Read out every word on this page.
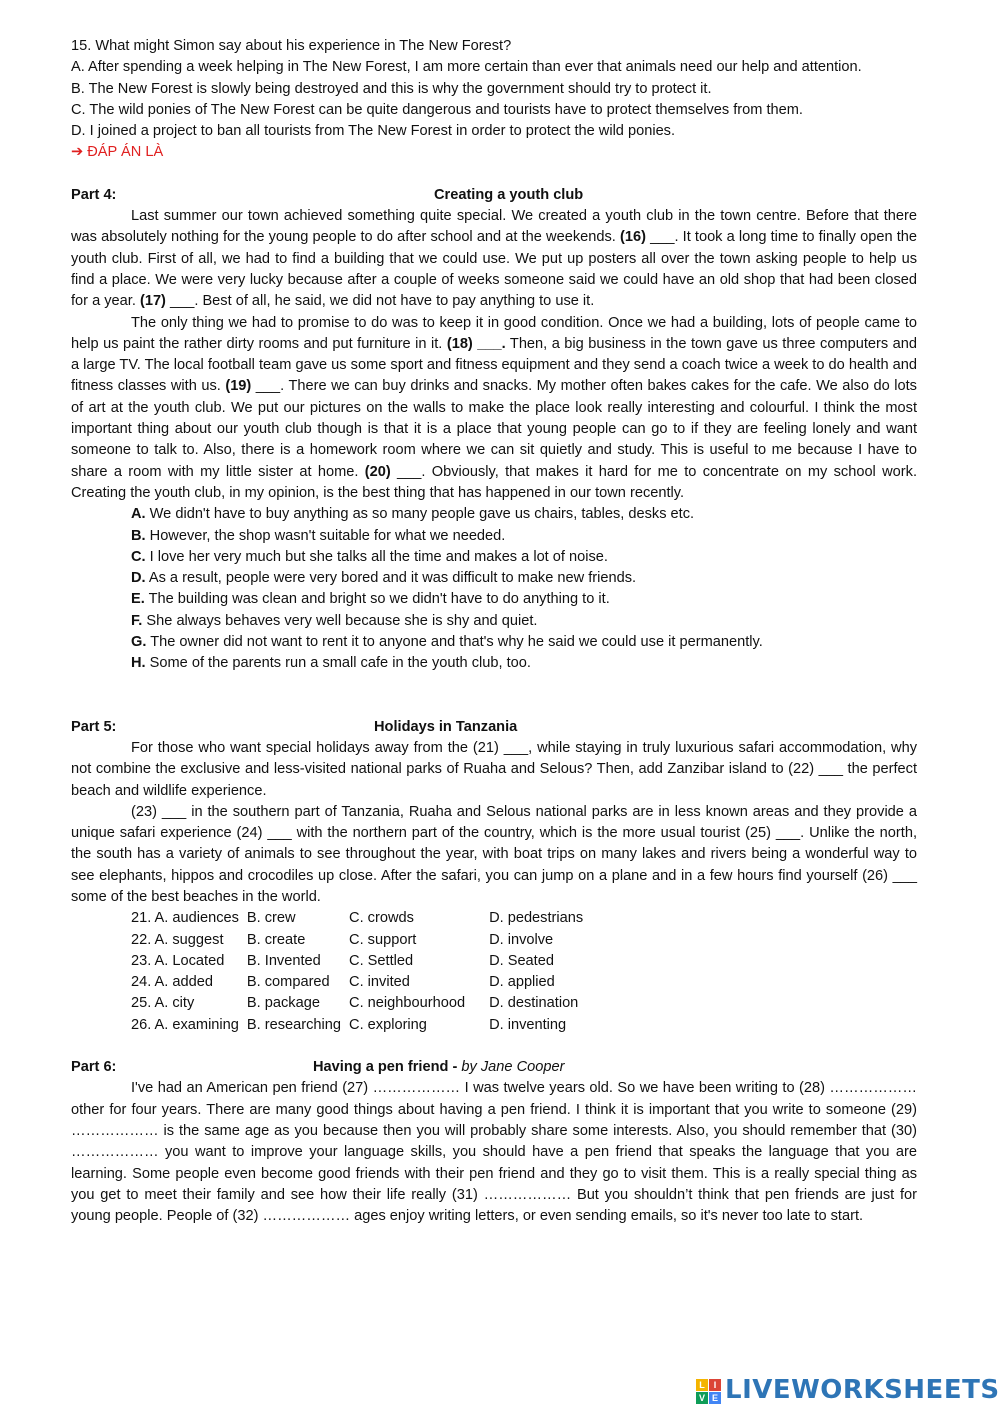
15. What might Simon say about his experience in The New Forest?

A. After spending a week helping in The New Forest, I am more certain than ever that animals need our help and attention.

B. The New Forest is slowly being destroyed and this is why the government should try to protect it.

C. The wild ponies of The New Forest can be quite dangerous and tourists have to protect themselves from them.

D. I joined a project to ban all tourists from The New Forest in order to protect the wild ponies.

➔ ĐÁP ÁN LÀ

Part 4:	Creating a youth club

Last summer our town achieved something quite special. We created a youth club in the town centre. Before that there was absolutely nothing for the young people to do after school and at the weekends. (16) ___. It took a long time to finally open the youth club. First of all, we had to find a building that we could use. We put up posters all over the town asking people to help us find a place. We were very lucky because after a couple of weeks someone said we could have an old shop that had been closed for a year. (17) ___. Best of all, he said, we did not have to pay anything to use it.

The only thing we had to promise to do was to keep it in good condition. Once we had a building, lots of people came to help us paint the rather dirty rooms and put furniture in it. (18) ___. Then, a big business in the town gave us three computers and a large TV. The local football team gave us some sport and fitness equipment and they send a coach twice a week to do health and fitness classes with us. (19) ___. There we can buy drinks and snacks. My mother often bakes cakes for the cafe. We also do lots of art at the youth club. We put our pictures on the walls to make the place look really interesting and colourful. I think the most important thing about our youth club though is that it is a place that young people can go to if they are feeling lonely and want someone to talk to. Also, there is a homework room where we can sit quietly and study. This is useful to me because I have to share a room with my little sister at home. (20) ___. Obviously, that makes it hard for me to concentrate on my school work. Creating the youth club, in my opinion, is the best thing that has happened in our town recently.

A. We didn't have to buy anything as so many people gave us chairs, tables, desks etc.

B. However, the shop wasn't suitable for what we needed.

C. I love her very much but she talks all the time and makes a lot of noise.

D. As a result, people were very bored and it was difficult to make new friends.

E. The building was clean and bright so we didn't have to do anything to it.

F. She always behaves very well because she is shy and quiet.

G. The owner did not want to rent it to anyone and that's why he said we could use it permanently.

H. Some of the parents run a small cafe in the youth club, too.

Part 5:	Holidays in Tanzania

For those who want special holidays away from the (21) ___, while staying in truly luxurious safari accommodation, why not combine the exclusive and less-visited national parks of Ruaha and Selous? Then, add Zanzibar island to (22) ___ the perfect beach and wildlife experience.

(23) ___ in the southern part of Tanzania, Ruaha and Selous national parks are in less known areas and they provide a unique safari experience (24) ___ with the northern part of the country, which is the more usual tourist (25) ___. Unlike the north, the south has a variety of animals to see throughout the year, with boat trips on many lakes and rivers being a wonderful way to see elephants, hippos and crocodiles up close. After the safari, you can jump on a plane and in a few hours find yourself (26) ___ some of the best beaches in the world.

21. A. audiences	B. crew	C. crowds	D. pedestrians
22. A. suggest	B. create	C. support	D. involve
23. A. Located	B. Invented	C. Settled	D. Seated
24. A. added	B. compared	C. invited	D. applied
25. A. city	B. package	C. neighbourhood	D. destination
26. A. examining	B. researching	C. exploring	D. inventing
Part 6:	Having a pen friend - by Jane Cooper

I've had an American pen friend (27) ……………… I was twelve years old. So we have been writing to (28) ……………… other for four years. There are many good things about having a pen friend. I think it is important that you write to someone (29) ……………… is the same age as you because then you will probably share some interests. Also, you should remember that (30) ……………… you want to improve your language skills, you should have a pen friend that speaks the language that you are learning. Some people even become good friends with their pen friend and they go to visit them. This is a really special thing as you get to meet their family and see how their life really (31) ……………… But you shouldn’t think that pen friends are just for young people. People of (32) ……………… ages enjoy writing letters, or even sending emails, so it's never too late to start.

L I
V E LIVEWORKSHEETS
